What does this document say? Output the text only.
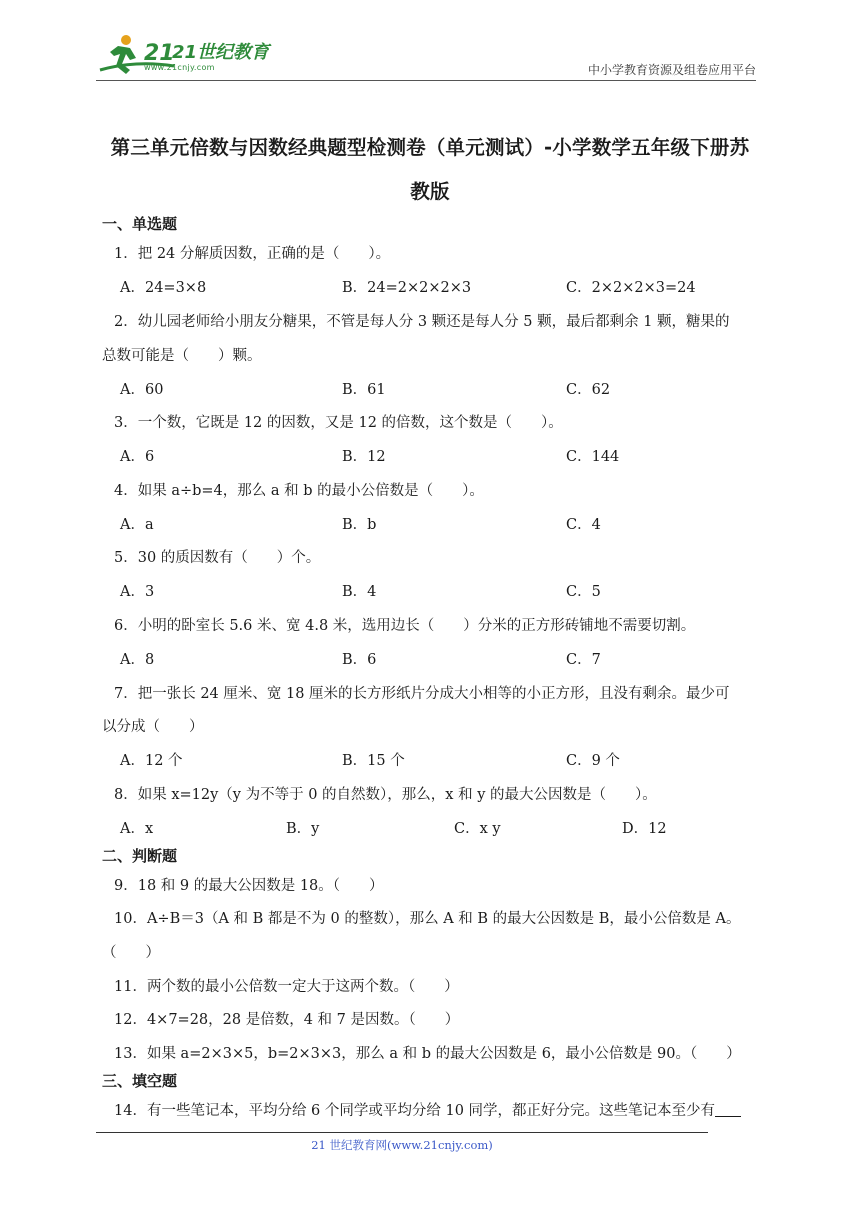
21
21世纪教育
www.21cnjy.com	中小学教育资源及组卷应用平台
第三单元倍数与因数经典题型检测卷（单元测试）-小学数学五年级下册苏
教版
一、单选题
1．把 24 分解质因数，正确的是（　　）。
A．24=3×8	B．24=2×2×2×3	C．2×2×2×3=24
2．幼儿园老师给小朋友分糖果，不管是每人分 3 颗还是每人分 5 颗，最后都剩余 1 颗，糖果的
总数可能是（　　）颗。
A．60	B．61	C．62
3．一个数，它既是 12 的因数，又是 12 的倍数，这个数是（　　）。
A．6	B．12	C．144
4．如果 a÷b=4，那么 a 和 b 的最小公倍数是（　　）。
A．a	B．b	C．4
5．30 的质因数有（　　）个。
A．3	B．4	C．5
6．小明的卧室长 5.6 米、宽 4.8 米，选用边长（　　）分米的正方形砖铺地不需要切割。
A．8	B．6	C．7
7．把一张长 24 厘米、宽 18 厘米的长方形纸片分成大小相等的小正方形，且没有剩余。最少可
以分成（　　）
A．12 个	B．15 个	C．9 个
8．如果 x=12y（y 为不等于 0 的自然数），那么，x 和 y 的最大公因数是（　　）。
A．x	B．y	C．x y	D．12
二、判断题
9．18 和 9 的最大公因数是 18。（　　）
10．A÷B＝3（A 和 B 都是不为 0 的整数），那么 A 和 B 的最大公因数是 B，最小公倍数是 A。
（　　）
11．两个数的最小公倍数一定大于这两个数。（　　）
12．4×7=28，28 是倍数，4 和 7 是因数。（　　）
13．如果 a=2×3×5，b=2×3×3，那么 a 和 b 的最大公因数是 6，最小公倍数是 90。（　　）
三、填空题
14．有一些笔记本，平均分给 6 个同学或平均分给 10 同学，都正好分完。这些笔记本至少有
21 世纪教育网(www.21cnjy.com)
